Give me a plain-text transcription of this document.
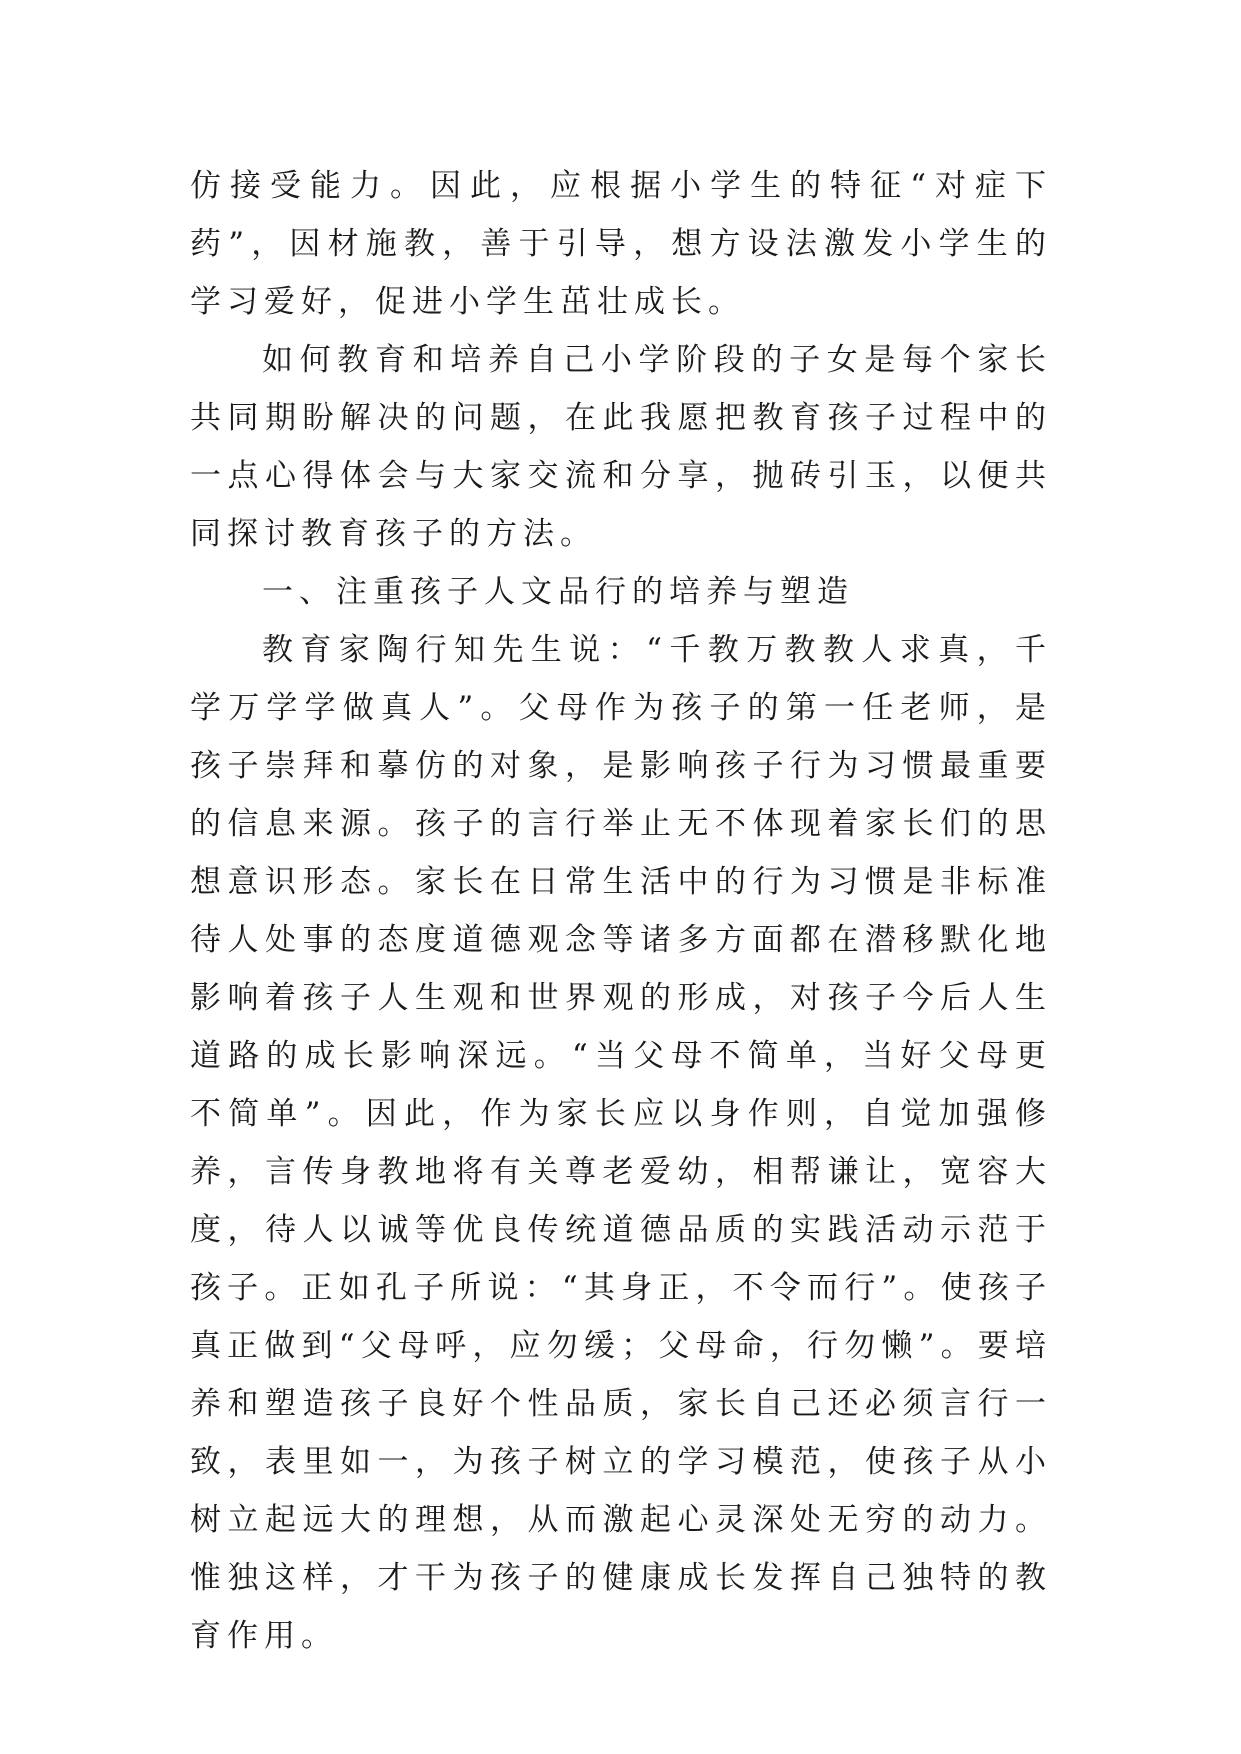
仿接受能力。因此，应根据小学生的特征“对症下药”，因材施教，善于引导，想方设法激发小学生的学习爱好，促进小学生茁壮成长。

如何教育和培养自己小学阶段的子女是每个家长共同期盼解决的问题，在此我愿把教育孩子过程中的一点心得体会与大家交流和分享，抛砖引玉，以便共同探讨教育孩子的方法。

一、注重孩子人文品行的培养与塑造

教育家陶行知先生说：“千教万教教人求真，千学万学学做真人”。父母作为孩子的第一任老师，是孩子崇拜和摹仿的对象，是影响孩子行为习惯最重要的信息来源。孩子的言行举止无不体现着家长们的思想意识形态。家长在日常生活中的行为习惯是非标准待人处事的态度道德观念等诸多方面都在潜移默化地影响着孩子人生观和世界观的形成，对孩子今后人生道路的成长影响深远。“当父母不简单，当好父母更不简单”。因此，作为家长应以身作则，自觉加强修养，言传身教地将有关尊老爱幼，相帮谦让，宽容大度，待人以诚等优良传统道德品质的实践活动示范于孩子。正如孔子所说：“其身正，不令而行”。使孩子真正做到“父母呼，应勿缓；父母命，行勿懒”。要培养和塑造孩子良好个性品质，家长自己还必须言行一致，表里如一，为孩子树立的学习模范，使孩子从小树立起远大的理想，从而激起心灵深处无穷的动力。惟独这样，才干为孩子的健康成长发挥自己独特的教育作用。
